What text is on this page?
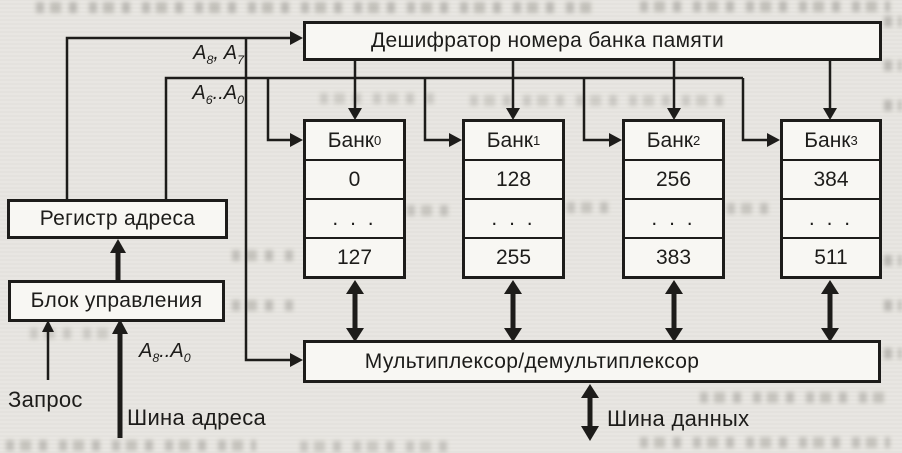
Дешифратор номера банка памяти
Регистр адреса
Блок управления
Мультиплексор/демультиплексор
Банк 0
0
. . .
127
Банк 1
128
. . .
255
Банк 2
256
. . .
383
Банк 3
384
. . .
511
$A_8$, $A_7$
$A_6..A_0$
$A_8..A_0$
Запрос
Шина адреса	Шина данных
